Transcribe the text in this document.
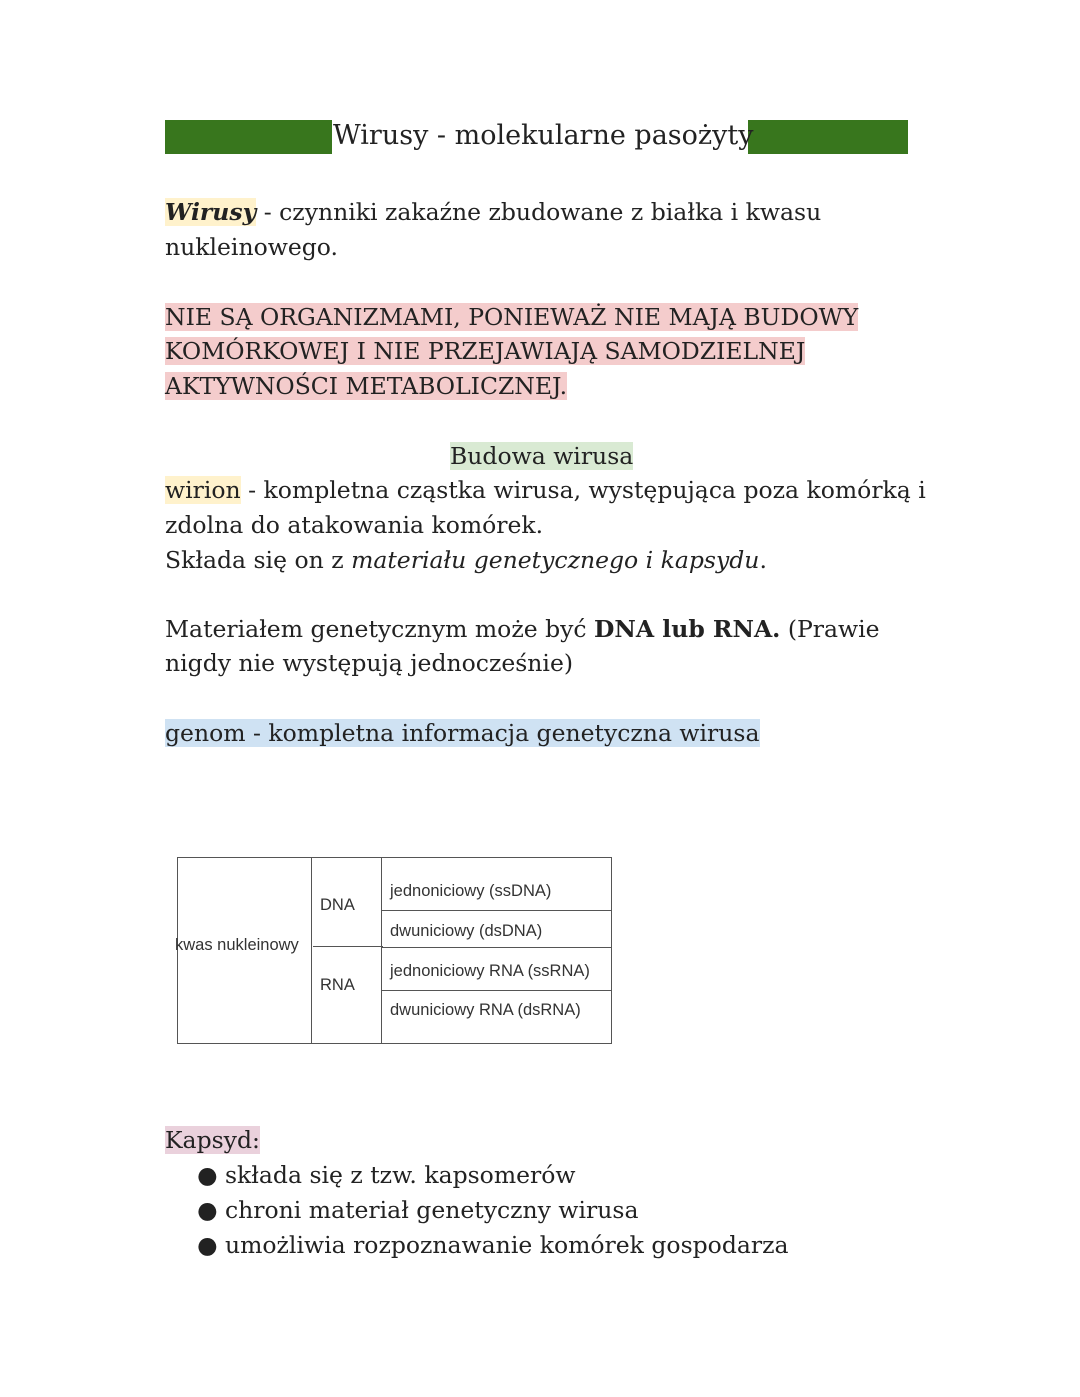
Wirusy - molekularne pasożyty
Wirusy - czynniki zakaźne zbudowane z białka i kwasu
nukleinowego.
NIE SĄ ORGANIZMAMI, PONIEWAŻ NIE MAJĄ BUDOWY
KOMÓRKOWEJ I NIE PRZEJAWIAJĄ SAMODZIELNEJ
AKTYWNOŚCI METABOLICZNEJ.
Budowa wirusa
wirion - kompletna cząstka wirusa, występująca poza komórką i
zdolna do atakowania komórek.
Składa się on z materiału genetycznego i kapsydu.
Materiałem genetycznym może być DNA lub RNA. (Prawie
nigdy nie występują jednocześnie)
genom - kompletna informacja genetyczna wirusa
kwas nukleinowy
DNA
RNA
jednoniciowy (ssDNA)
dwuniciowy (dsDNA)
jednoniciowy RNA (ssRNA)
dwuniciowy RNA (dsRNA)
Kapsyd:
● składa się z tzw. kapsomerów
● chroni materiał genetyczny wirusa
● umożliwia rozpoznawanie komórek gospodarza
